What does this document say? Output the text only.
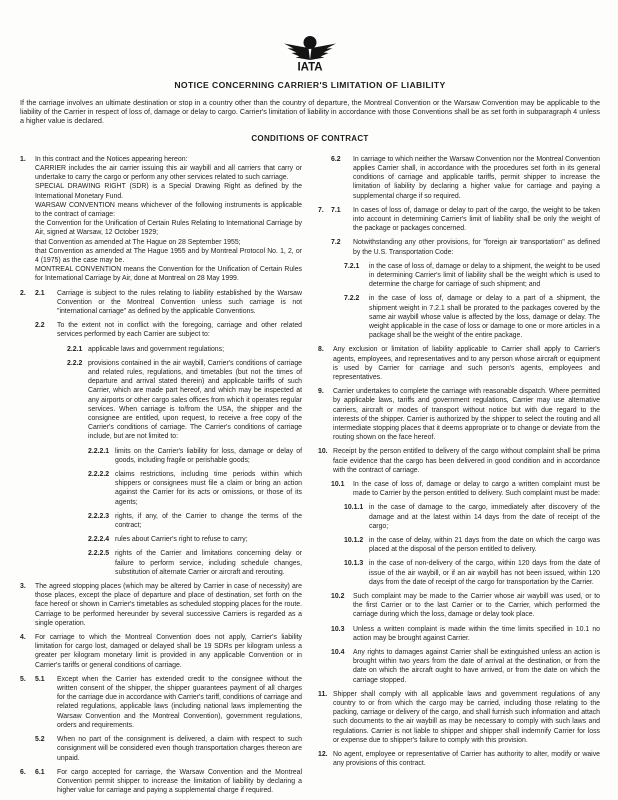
IATA
NOTICE CONCERNING CARRIER'S LIMITATION OF LIABILITY

If the carriage involves an ultimate destination or stop in a country other than the country of departure, the Montreal Convention or the Warsaw Convention may be applicable to the liability of the Carrier in respect of loss of, damage or delay to cargo. Carrier's limitation of liability in accordance with those Conventions shall be as set forth in subparagraph 4 unless a higher value is declared.

CONDITIONS OF CONTRACT
1.	In this contract and the Notices appearing hereon:
CARRIER includes the air carrier issuing this air waybill and all carriers that carry or undertake to carry the cargo or perform any other services related to such carriage.
SPECIAL DRAWING RIGHT (SDR) is a Special Drawing Right as defined by the International Monetary Fund.
WARSAW CONVENTION means whichever of the following instruments is applicable to the contract of carriage:
the Convention for the Unification of Certain Rules Relating to International Carriage by Air, signed at Warsaw, 12 October 1929;
that Convention as amended at The Hague on 28 September 1955;
that Convention as amended at The Hague 1955 and by Montreal Protocol No. 1, 2, or 4 (1975) as the case may be.
MONTREAL CONVENTION means the Convention for the Unification of Certain Rules for International Carriage by Air, done at Montreal on 28 May 1999.
2. 2.1	Carriage is subject to the rules relating to liability established by the Warsaw Convention or the Montreal Convention unless such carriage is not "international carriage" as defined by the applicable Conventions.
2.2	To the extent not in conflict with the foregoing, carriage and other related services performed by each Carrier are subject to:
2.2.1 applicable laws and government regulations;
2.2.2 provisions contained in the air waybill, Carrier's conditions of carriage and related rules, regulations, and timetables (but not the times of departure and arrival stated therein) and applicable tariffs of such Carrier, which are made part hereof, and which may be inspected at any airports or other cargo sales offices from which it operates regular services. When carriage is to/from the USA, the shipper and the consignee are entitled, upon request, to receive a free copy of the Carrier's conditions of carriage. The Carrier's conditions of carriage include, but are not limited to:
2.2.2.1 limits on the Carrier's liability for loss, damage or delay of goods, including fragile or perishable goods;
2.2.2.2 claims restrictions, including time periods within which shippers or consignees must file a claim or bring an action against the Carrier for its acts or omissions, or those of its agents;
2.2.2.3 rights, if any, of the Carrier to change the terms of the contract;
2.2.2.4 rules about Carrier's right to refuse to carry;
2.2.2.5 rights of the Carrier and limitations concerning delay or failure to perform service, including schedule changes, substitution of alternate Carrier or aircraft and rerouting.
3.	The agreed stopping places (which may be altered by Carrier in case of necessity) are those places, except the place of departure and place of destination, set forth on the face hereof or shown in Carrier's timetables as scheduled stopping places for the route. Carriage to be performed hereunder by several successive Carriers is regarded as a single operation.
4.	For carriage to which the Montreal Convention does not apply, Carrier's liability limitation for cargo lost, damaged or delayed shall be 19 SDRs per kilogram unless a greater per kilogram monetary limit is provided in any applicable Convention or in Carrier's tariffs or general conditions of carriage.
5. 5.1	Except when the Carrier has extended credit to the consignee without the written consent of the shipper, the shipper guarantees payment of all charges for the carriage due in accordance with Carrier's tariff, conditions of carriage and related regulations, applicable laws (including national laws implementing the Warsaw Convention and the Montreal Convention), government regulations, orders and requirements.
5.2	When no part of the consignment is delivered, a claim with respect to such consignment will be considered even though transportation charges thereon are unpaid.
6. 6.1	For cargo accepted for carriage, the Warsaw Convention and the Montreal Convention permit shipper to increase the limitation of liability by declaring a higher value for carriage and paying a supplemental charge if required.
6.2	In carriage to which neither the Warsaw Convention nor the Montreal Convention applies Carrier shall, in accordance with the procedures set forth in its general conditions of carriage and applicable tariffs, permit shipper to increase the limitation of liability by declaring a higher value for carriage and paying a supplemental charge if so required.
7. 7.1	In cases of loss of, damage or delay to part of the cargo, the weight to be taken into account in determining Carrier's limit of liability shall be only the weight of the package or packages concerned.
7.2	Notwithstanding any other provisions, for "foreign air transportation" as defined by the U.S. Transportation Code:
7.2.1	in the case of loss of, damage or delay to a shipment, the weight to be used in determining Carrier's limit of liability shall be the weight which is used to determine the charge for carriage of such shipment; and
7.2.2	in the case of loss of, damage or delay to a part of a shipment, the shipment weight in 7.2.1 shall be prorated to the packages covered by the same air waybill whose value is affected by the loss, damage or delay. The weight applicable in the case of loss or damage to one or more articles in a package shall be the weight of the entire package.
8.	Any exclusion or limitation of liability applicable to Carrier shall apply to Carrier's agents, employees, and representatives and to any person whose aircraft or equipment is used by Carrier for carriage and such person's agents, employees and representatives.
9.	Carrier undertakes to complete the carriage with reasonable dispatch. Where permitted by applicable laws, tariffs and government regulations, Carrier may use alternative carriers, aircraft or modes of transport without notice but with due regard to the interests of the shipper. Carrier is authorized by the shipper to select the routing and all intermediate stopping places that it deems appropriate or to change or deviate from the routing shown on the face hereof.
10. Receipt by the person entitled to delivery of the cargo without complaint shall be prima facie evidence that the cargo has been delivered in good condition and in accordance with the contract of carriage.
10.1	In the case of loss of, damage or delay to cargo a written complaint must be made to Carrier by the person entitled to delivery. Such complaint must be made:
10.1.1 in the case of damage to the cargo, immediately after discovery of the damage and at the latest within 14 days from the date of receipt of the cargo;
10.1.2 in the case of delay, within 21 days from the date on which the cargo was placed at the disposal of the person entitled to delivery.
10.1.3 in the case of non-delivery of the cargo, within 120 days from the date of issue of the air waybill, or if an air waybill has not been issued, within 120 days from the date of receipt of the cargo for transportation by the Carrier.
10.2	Such complaint may be made to the Carrier whose air waybill was used, or to the first Carrier or to the last Carrier or to the Carrier, which performed the carriage during which the loss, damage or delay took place.
10.3	Unless a written complaint is made within the time limits specified in 10.1 no action may be brought against Carrier.
10.4	Any rights to damages against Carrier shall be extinguished unless an action is brought within two years from the date of arrival at the destination, or from the date on which the aircraft ought to have arrived, or from the date on which the carriage stopped.
11. Shipper shall comply with all applicable laws and government regulations of any country to or from which the cargo may be carried, including those relating to the packing, carriage or delivery of the cargo, and shall furnish such information and attach such documents to the air waybill as may be necessary to comply with such laws and regulations. Carrier is not liable to shipper and shipper shall indemnify Carrier for loss or expense due to shipper's failure to comply with this provision.
12. No agent, employee or representative of Carrier has authority to alter, modify or waive any provisions of this contract.
